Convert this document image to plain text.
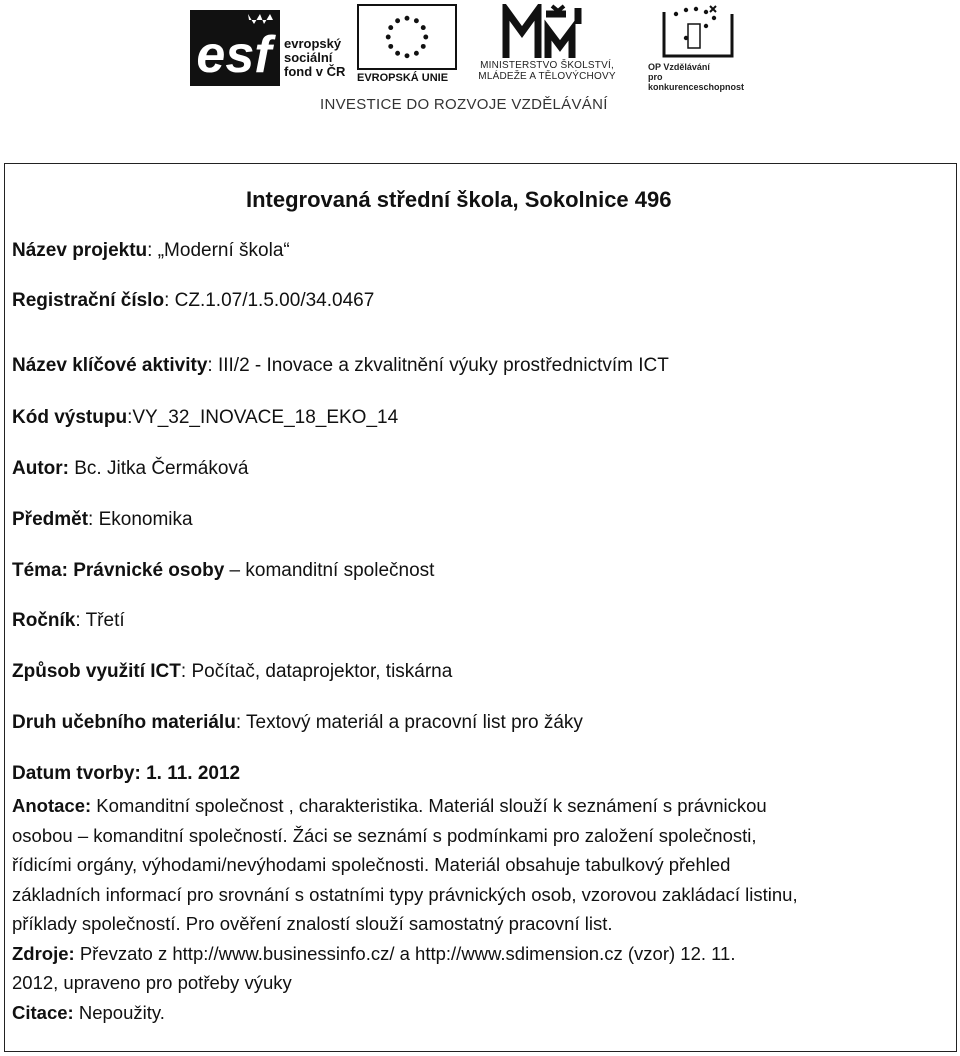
esf evropský
sociální
fond v ČR EVROPSKÁ UNIE
MINISTERSTVO ŠKOLSTVÍ,
MLÁDEŽE A TĚLOVÝCHOVY
OP Vzdělávání
pro konkurenceschopnost
INVESTICE DO ROZVOJE VZDĚLÁVÁNÍ
Integrovaná střední škola, Sokolnice 496
Název projektu: „Moderní škola“
Registrační číslo: CZ.1.07/1.5.00/34.0467
Název klíčové aktivity: III/2 - Inovace a zkvalitnění výuky prostřednictvím ICT
Kód výstupu:VY_32_INOVACE_18_EKO_14
Autor: Bc. Jitka Čermáková
Předmět: Ekonomika
Téma: Právnické osoby – komanditní společnost
Ročník: Třetí
Způsob využití ICT: Počítač, dataprojektor, tiskárna
Druh učebního materiálu: Textový materiál a pracovní list pro žáky
Datum tvorby: 1. 11. 2012

Anotace: Komanditní společnost , charakteristika. Materiál slouží k seznámení s právnickou

osobou – komanditní společností. Žáci se seznámí s podmínkami pro založení společnosti,

řídicími orgány, výhodami/nevýhodami společnosti. Materiál obsahuje tabulkový přehled

základních informací pro srovnání s ostatními typy právnických osob, vzorovou zakládací listinu,

příklady společností. Pro ověření znalostí slouží samostatný pracovní list.

Zdroje: Převzato z http://www.businessinfo.cz/ a http://www.sdimension.cz (vzor) 12. 11.

2012, upraveno pro potřeby výuky

Citace: Nepoužity.
